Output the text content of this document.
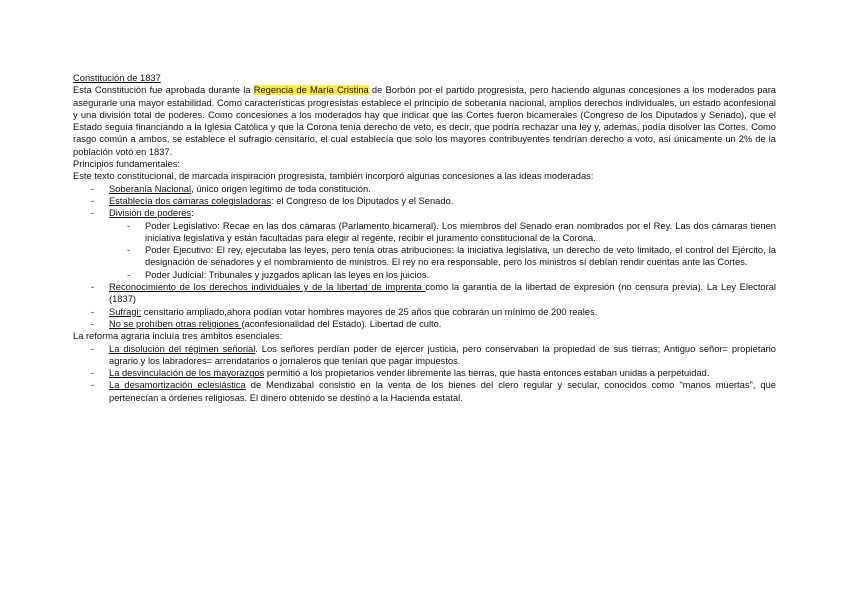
Constitución de 1837

Esta Constitución fue aprobada durante la Regencia de María Cristina de Borbón por el partido progresista, pero haciendo algunas concesiones a los moderados para asegurarle una mayor estabilidad. Como características progresistas establece el principio de soberanía nacional, amplios derechos individuales, un estado aconfesional y una división total de poderes. Como concesiones a los moderados hay que indicar que las Cortes fueron bicamerales (Congreso de los Diputados y Senado), que el Estado seguía financiando a la Iglesia Católica y que la Corona tenía derecho de veto, es decir, que podría rechazar una ley y, además, podía disolver las Cortes. Como rasgo común a ambos, se establece el sufragio censitario, el cual establecía que solo los mayores contribuyentes tendrían derecho a voto, así únicamente un 2% de la población votó en 1837.

Principios fundamentales:

Este texto constitucional, de marcada inspiración progresista, también incorporó algunas concesiones a las ideas moderadas:

- Soberanía Nacional, único origen legítimo de toda constitución.
- Establecía dos cámaras colegisladoras: el Congreso de los Diputados y el Senado.
- División de poderes:
- Poder Legislativo: Recae en las dos cámaras (Parlamento bicameral). Los miembros del Senado eran nombrados por el Rey. Las dos cámaras tienen iniciativa legislativa y están facultadas para elegir al regente, recibir el juramento constitucional de la Corona.
- Poder Ejecutivo: El rey, ejecutaba las leyes, pero tenía otras atribuciones: la iniciativa legislativa, un derecho de veto limitado, el control del Ejército, la designación de senadores y el nombramiento de ministros. El rey no era responsable, pero los ministros sí debían rendir cuentas ante las Cortes.
- Poder Judicial: Tribunales y juzgados aplican las leyes en los juicios.
- Reconocimiento de los derechos individuales y de la libertad de imprenta como la garantía de la libertad de expresión (no censura previa). La Ley Electoral (1837)
- Sufragi: censitario ampliado,ahora podían votar hombres mayores de 25 años que cobrarán un mínimo de 200 reales.
- No se prohíben otras religiones (aconfesionalidad del Estado). Libertad de culto.

La reforma agraria incluía tres ámbitos esenciales:

- La disolución del régimen señorial. Los señores perdían poder de ejercer justicia, pero conservaban la propiedad de sus tierras; Antiguo señor= propietario agrario y los labradores= arrendatarios o jornaleros que tenían que pagar impuestos.
- La desvinculación de los mayorazgos permitió a los propietarios vender libremente las tierras, que hasta entonces estaban unidas a perpetuidad.
- La desamortización eclesiástica de Mendizábal consistió en la venta de los bienes del clero regular y secular, conocidos como "manos muertas", que pertenecían a órdenes religiosas. El dinero obtenido se destinó a la Hacienda estatal.
